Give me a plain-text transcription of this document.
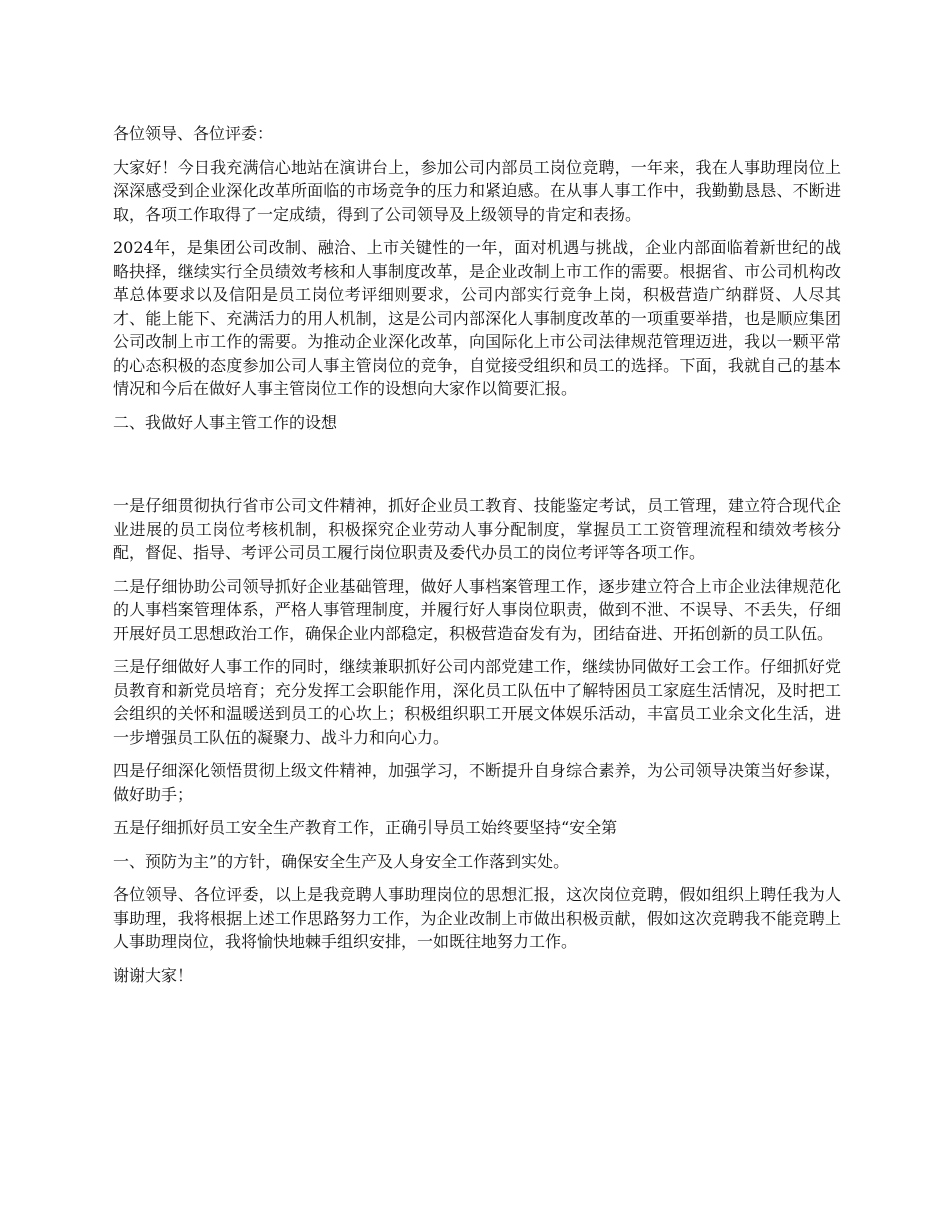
各位领导、各位评委：

大家好！今日我充满信心地站在演讲台上，参加公司内部员工岗位竞聘，一年来，我在人事助理岗位上深深感受到企业深化改革所面临的市场竞争的压力和紧迫感。在从事人事工作中，我勤勤恳恳、不断进取，各项工作取得了一定成绩，得到了公司领导及上级领导的肯定和表扬。

2024年，是集团公司改制、融洽、上市关键性的一年，面对机遇与挑战，企业内部面临着新世纪的战略抉择，继续实行全员绩效考核和人事制度改革，是企业改制上市工作的需要。根据省、市公司机构改革总体要求以及信阳是员工岗位考评细则要求，公司内部实行竞争上岗，积极营造广纳群贤、人尽其才、能上能下、充满活力的用人机制，这是公司内部深化人事制度改革的一项重要举措，也是顺应集团公司改制上市工作的需要。为推动企业深化改革，向国际化上市公司法律规范管理迈进，我以一颗平常的心态积极的态度参加公司人事主管岗位的竞争，自觉接受组织和员工的选择。下面，我就自己的基本情况和今后在做好人事主管岗位工作的设想向大家作以简要汇报。

二、我做好人事主管工作的设想

一是仔细贯彻执行省市公司文件精神，抓好企业员工教育、技能鉴定考试，员工管理，建立符合现代企业进展的员工岗位考核机制，积极探究企业劳动人事分配制度，掌握员工工资管理流程和绩效考核分配，督促、指导、考评公司员工履行岗位职责及委代办员工的岗位考评等各项工作。

二是仔细协助公司领导抓好企业基础管理，做好人事档案管理工作，逐步建立符合上市企业法律规范化的人事档案管理体系，严格人事管理制度，并履行好人事岗位职责，做到不泄、不误导、不丢失，仔细开展好员工思想政治工作，确保企业内部稳定，积极营造奋发有为，团结奋进、开拓创新的员工队伍。

三是仔细做好人事工作的同时，继续兼职抓好公司内部党建工作，继续协同做好工会工作。仔细抓好党员教育和新党员培育；充分发挥工会职能作用，深化员工队伍中了解特困员工家庭生活情况，及时把工会组织的关怀和温暖送到员工的心坎上；积极组织职工开展文体娱乐活动，丰富员工业余文化生活，进一步增强员工队伍的凝聚力、战斗力和向心力。

四是仔细深化领悟贯彻上级文件精神，加强学习，不断提升自身综合素养，为公司领导决策当好参谋，做好助手；

五是仔细抓好员工安全生产教育工作，正确引导员工始终要坚持“安全第

一、预防为主”的方针，确保安全生产及人身安全工作落到实处。

各位领导、各位评委，以上是我竞聘人事助理岗位的思想汇报，这次岗位竞聘，假如组织上聘任我为人事助理，我将根据上述工作思路努力工作，为企业改制上市做出积极贡献，假如这次竞聘我不能竞聘上人事助理岗位，我将愉快地棘手组织安排，一如既往地努力工作。

谢谢大家！
